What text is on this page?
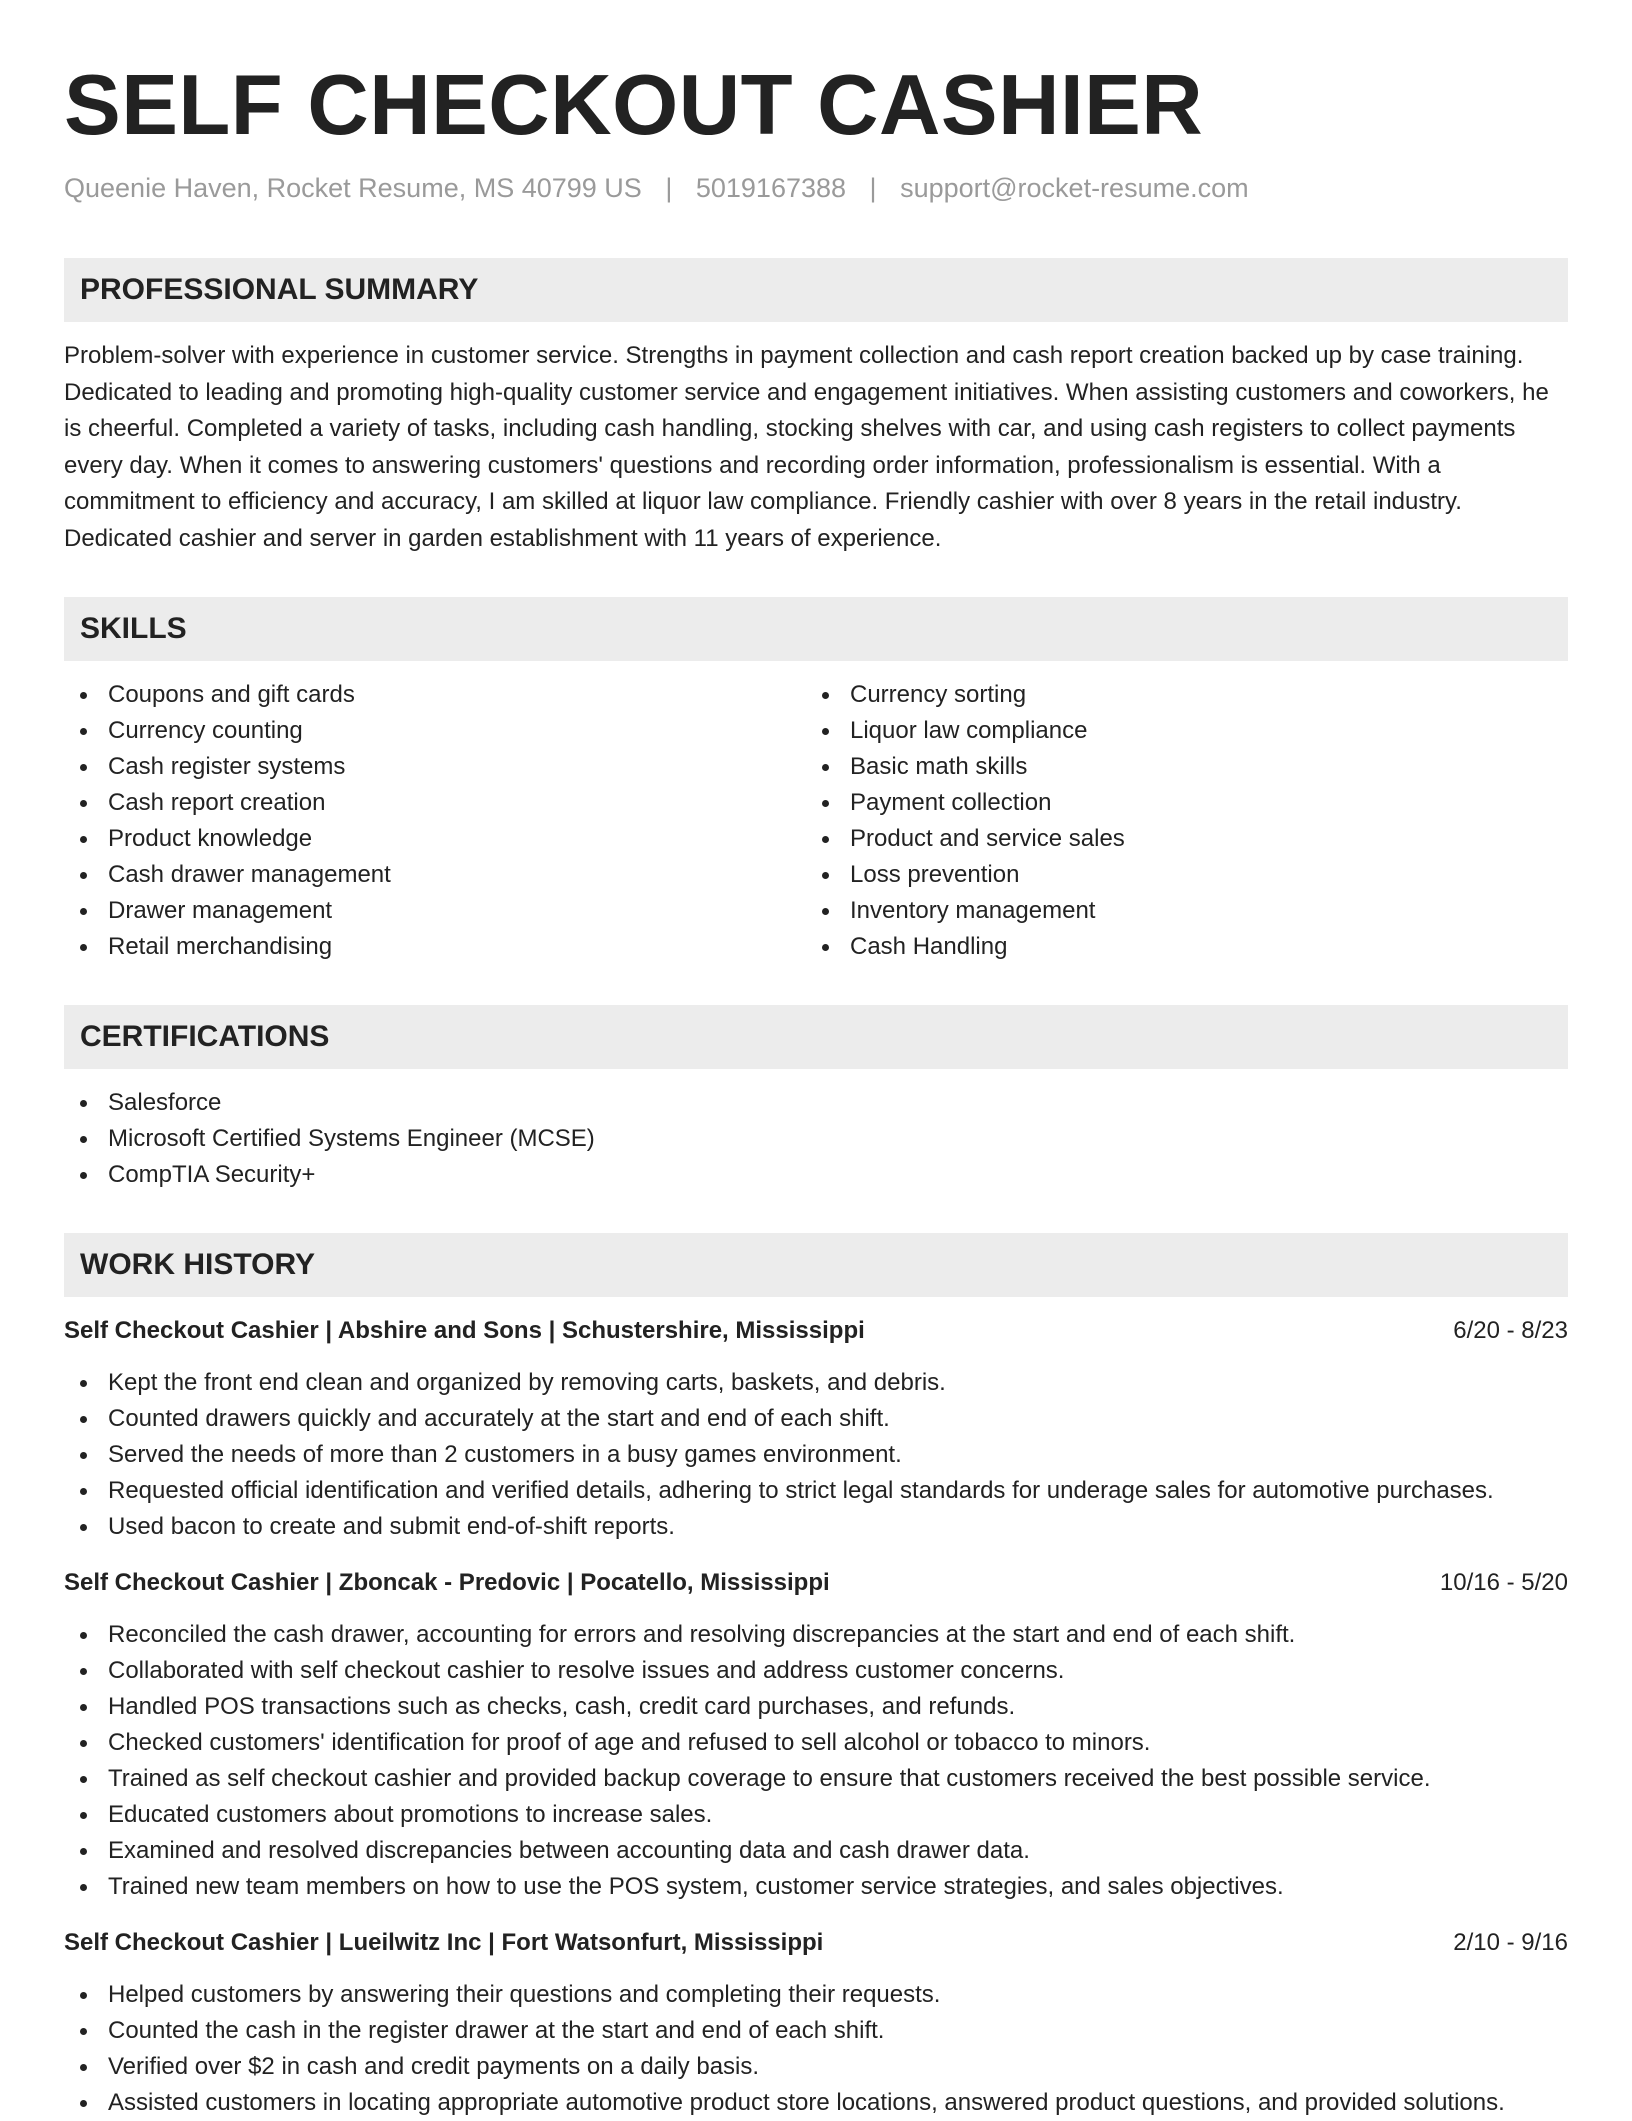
SELF CHECKOUT CASHIER
Queenie Haven, Rocket Resume, MS 40799 US | 5019167388 | support@rocket-resume.com
PROFESSIONAL SUMMARY

Problem-solver with experience in customer service. Strengths in payment collection and cash report creation backed up by case training. Dedicated to leading and promoting high-quality customer service and engagement initiatives. When assisting customers and coworkers, he is cheerful. Completed a variety of tasks, including cash handling, stocking shelves with car, and using cash registers to collect payments every day. When it comes to answering customers' questions and recording order information, professionalism is essential. With a commitment to efficiency and accuracy, I am skilled at liquor law compliance. Friendly cashier with over 8 years in the retail industry. Dedicated cashier and server in garden establishment with 11 years of experience.

SKILLS
Coupons and gift cards
Currency counting
Cash register systems
Cash report creation
Product knowledge
Cash drawer management
Drawer management
Retail merchandising
Currency sorting
Liquor law compliance
Basic math skills
Payment collection
Product and service sales
Loss prevention
Inventory management
Cash Handling
CERTIFICATIONS
Salesforce
Microsoft Certified Systems Engineer (MCSE)
CompTIA Security+
WORK HISTORY
Self Checkout Cashier | Abshire and Sons | Schustershire, Mississippi	6/20 - 8/23
Kept the front end clean and organized by removing carts, baskets, and debris.
Counted drawers quickly and accurately at the start and end of each shift.
Served the needs of more than 2 customers in a busy games environment.
Requested official identification and verified details, adhering to strict legal standards for underage sales for automotive purchases.
Used bacon to create and submit end-of-shift reports.
Self Checkout Cashier | Zboncak - Predovic | Pocatello, Mississippi	10/16 - 5/20
Reconciled the cash drawer, accounting for errors and resolving discrepancies at the start and end of each shift.
Collaborated with self checkout cashier to resolve issues and address customer concerns.
Handled POS transactions such as checks, cash, credit card purchases, and refunds.
Checked customers' identification for proof of age and refused to sell alcohol or tobacco to minors.
Trained as self checkout cashier and provided backup coverage to ensure that customers received the best possible service.
Educated customers about promotions to increase sales.
Examined and resolved discrepancies between accounting data and cash drawer data.
Trained new team members on how to use the POS system, customer service strategies, and sales objectives.
Self Checkout Cashier | Lueilwitz Inc | Fort Watsonfurt, Mississippi	2/10 - 9/16
Helped customers by answering their questions and completing their requests.
Counted the cash in the register drawer at the start and end of each shift.
Verified over $2 in cash and credit payments on a daily basis.
Assisted customers in locating appropriate automotive product store locations, answered product questions, and provided solutions.
